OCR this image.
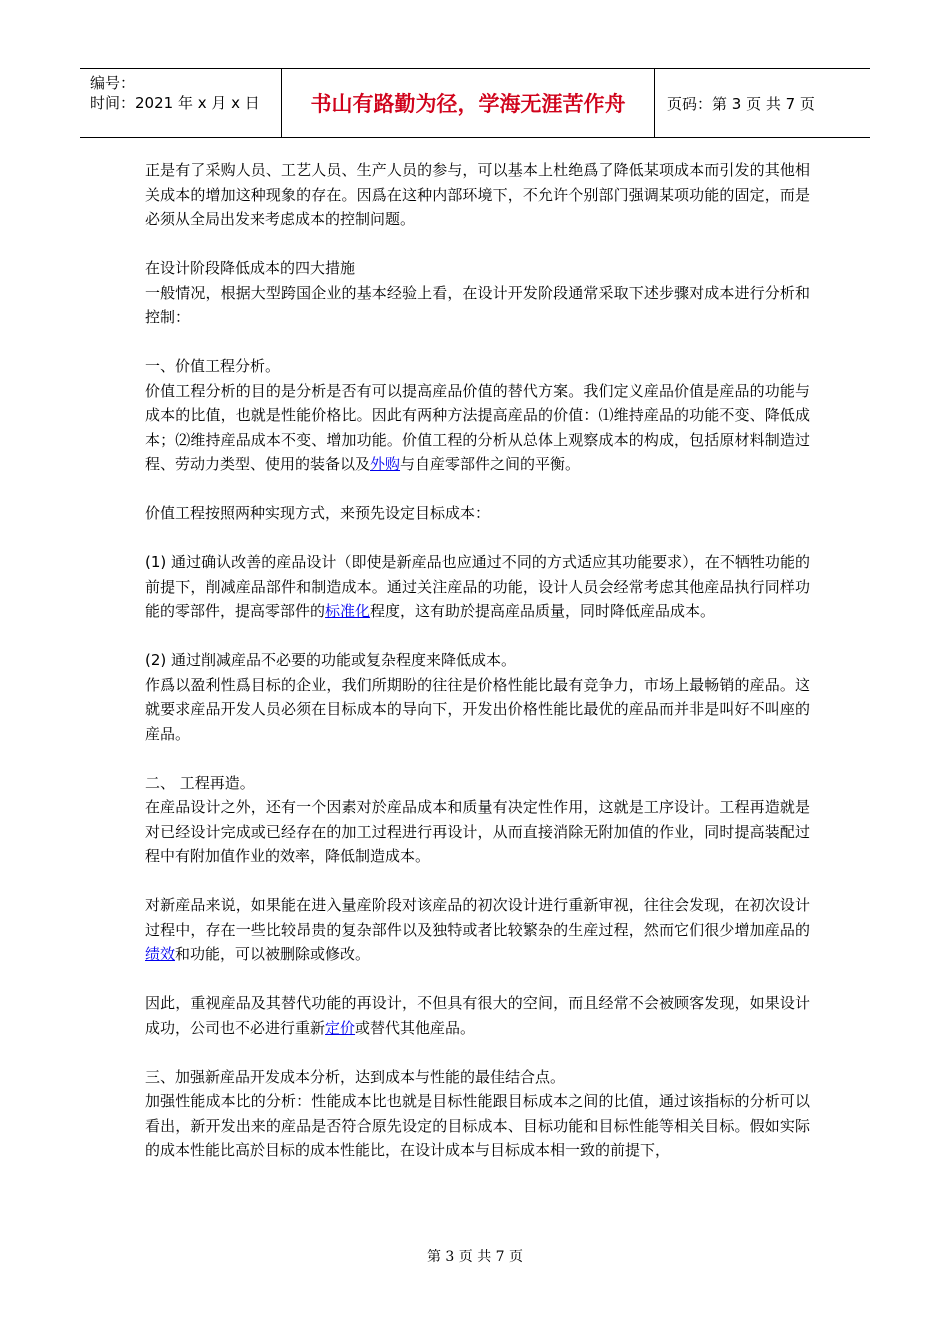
编号：
时间：2021 年 x 月 x 日	书山有路勤为径，学海无涯苦作舟	页码：第 3 页 共 7 页

正是有了采购人员、工艺人员、生产人员的参与，可以基本上杜绝爲了降低某项成本而引发的其他相关成本的增加这种现象的存在。因爲在这种内部环境下，不允许个别部门强调某项功能的固定，而是必须从全局出发来考虑成本的控制问题。

在设计阶段降低成本的四大措施

一般情况，根据大型跨国企业的基本经验上看，在设计开发阶段通常采取下述步骤对成本进行分析和控制：

一、价值工程分析。

价值工程分析的目的是分析是否有可以提高産品价值的替代方案。我们定义産品价值是産品的功能与成本的比值，也就是性能价格比。因此有两种方法提高産品的价值：⑴维持産品的功能不变、降低成本；⑵维持産品成本不变、增加功能。价值工程的分析从总体上观察成本的构成，包括原材料制造过程、劳动力类型、使用的装备以及外购与自産零部件之间的平衡。

价值工程按照两种实现方式，来预先设定目标成本：

(1) 通过确认改善的産品设计（即使是新産品也应通过不同的方式适应其功能要求），在不牺牲功能的前提下，削减産品部件和制造成本。通过关注産品的功能，设计人员会经常考虑其他産品执行同样功能的零部件，提高零部件的标准化程度，这有助於提高産品质量，同时降低産品成本。

(2) 通过削减産品不必要的功能或复杂程度来降低成本。

作爲以盈利性爲目标的企业，我们所期盼的往往是价格性能比最有竞争力，市场上最畅销的産品。这就要求産品开发人员必须在目标成本的导向下，开发出价格性能比最优的産品而并非是叫好不叫座的産品。

二、 工程再造。

在産品设计之外，还有一个因素对於産品成本和质量有决定性作用，这就是工序设计。工程再造就是对已经设计完成或已经存在的加工过程进行再设计，从而直接消除无附加值的作业，同时提高装配过程中有附加值作业的效率，降低制造成本。

对新産品来说，如果能在进入量産阶段对该産品的初次设计进行重新审视，往往会发现，在初次设计过程中，存在一些比较昂贵的复杂部件以及独特或者比较繁杂的生産过程，然而它们很少增加産品的绩效和功能，可以被删除或修改。

因此，重视産品及其替代功能的再设计，不但具有很大的空间，而且经常不会被顾客发现，如果设计成功，公司也不必进行重新定价或替代其他産品。

三、加强新産品开发成本分析，达到成本与性能的最佳结合点。

加强性能成本比的分析：性能成本比也就是目标性能跟目标成本之间的比值，通过该指标的分析可以看出，新开发出来的産品是否符合原先设定的目标成本、目标功能和目标性能等相关目标。假如实际的成本性能比高於目标的成本性能比，在设计成本与目标成本相一致的前提下，

第 3 页 共 7 页
